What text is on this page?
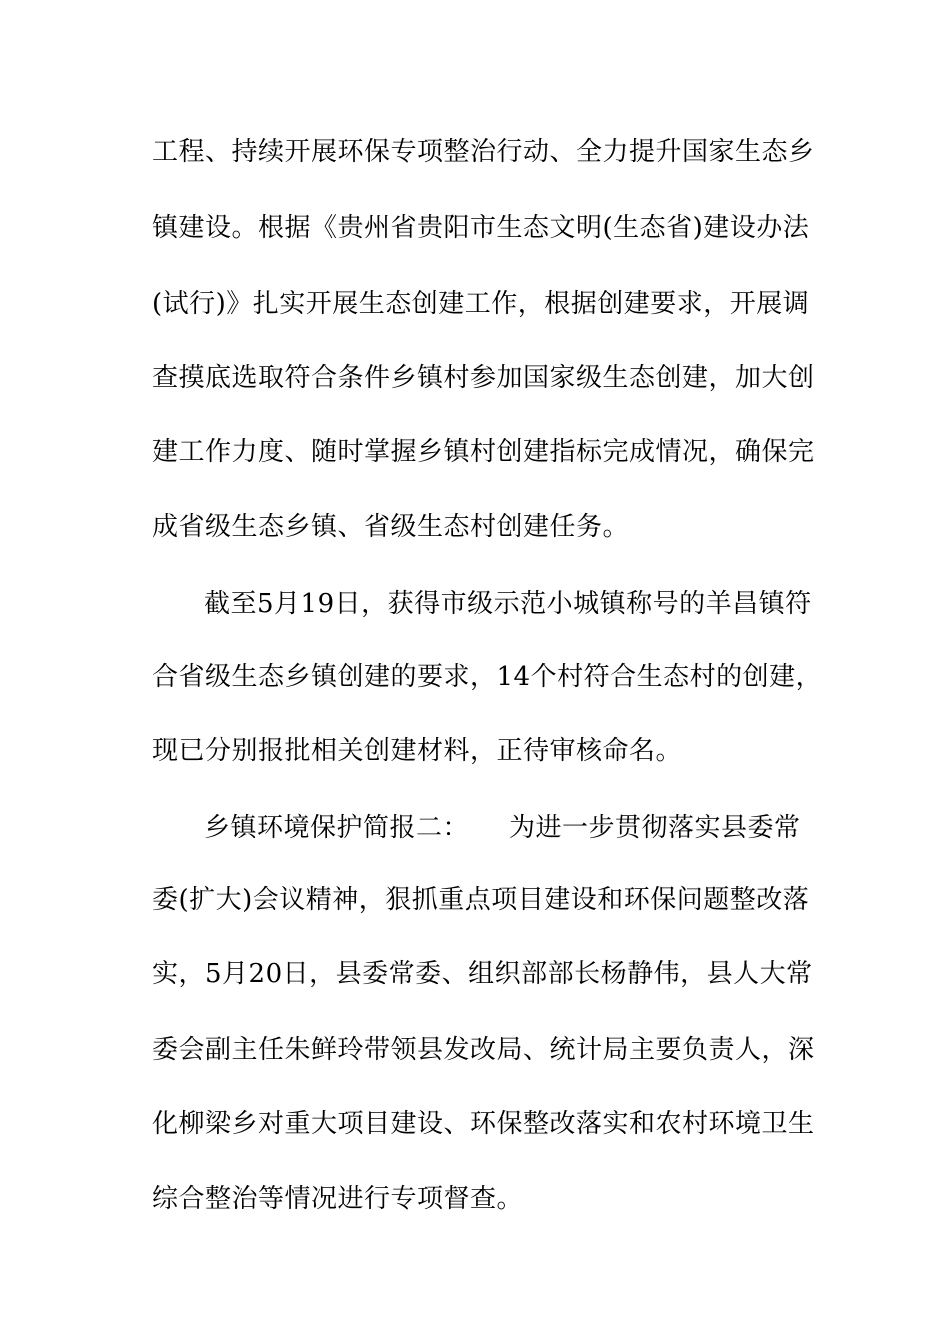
工程、持续开展环保专项整治行动、全力提升国家生态乡
镇建设。根据《贵州省贵阳市生态文明(生态省)建设办法
(试行)》扎实开展生态创建工作，根据创建要求，开展调
查摸底选取符合条件乡镇村参加国家级生态创建，加大创
建工作力度、随时掌握乡镇村创建指标完成情况，确保完
成省级生态乡镇、省级生态村创建任务。
截至5月19日，获得市级示范小城镇称号的羊昌镇符
合省级生态乡镇创建的要求，14个村符合生态村的创建，
现已分别报批相关创建材料，正待审核命名。
乡镇环境保护简报二：　　为进一步贯彻落实县委常
委(扩大)会议精神，狠抓重点项目建设和环保问题整改落
实，5月20日，县委常委、组织部部长杨静伟，县人大常
委会副主任朱鲜玲带领县发改局、统计局主要负责人，深
化柳梁乡对重大项目建设、环保整改落实和农村环境卫生
综合整治等情况进行专项督查。
